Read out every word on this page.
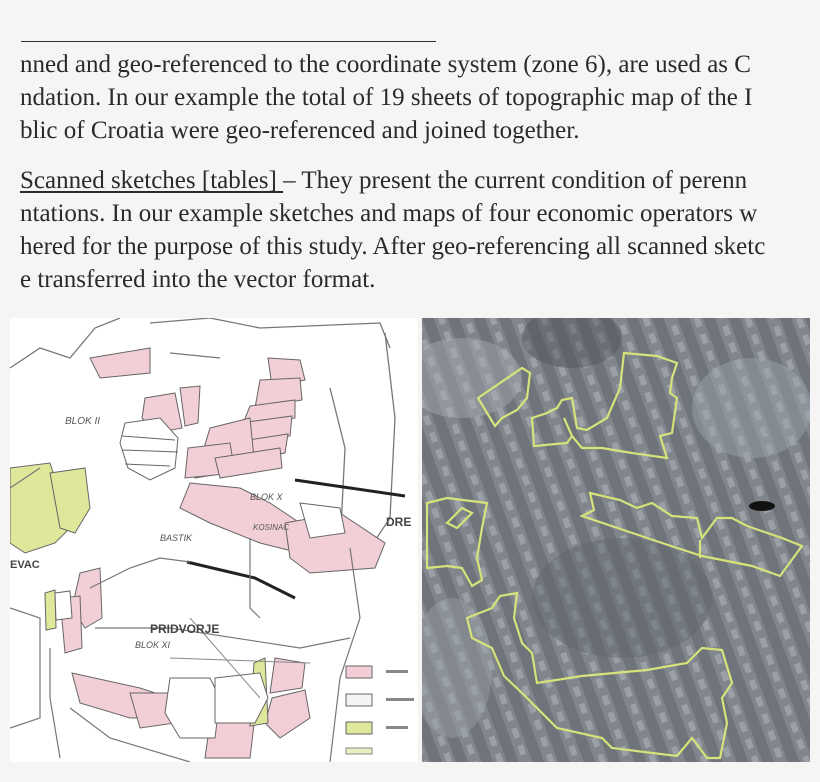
nned and geo-referenced to the coordinate system (zone 6), are used as C
ndation. In our example the total of 19 sheets of topographic map of the I
blic of Croatia were geo-referenced and joined together.
Scanned sketches [tables] – They present the current condition of perenn
ntations. In our example sketches and maps of four economic operators w
hered for the purpose of this study. After geo-referencing all scanned sketc
e transferred into the vector format.
BLOK II
BLOK X
KOSINAC	DRE
BASTIK
EVAC
PRIDVORJE
BLOK XI
